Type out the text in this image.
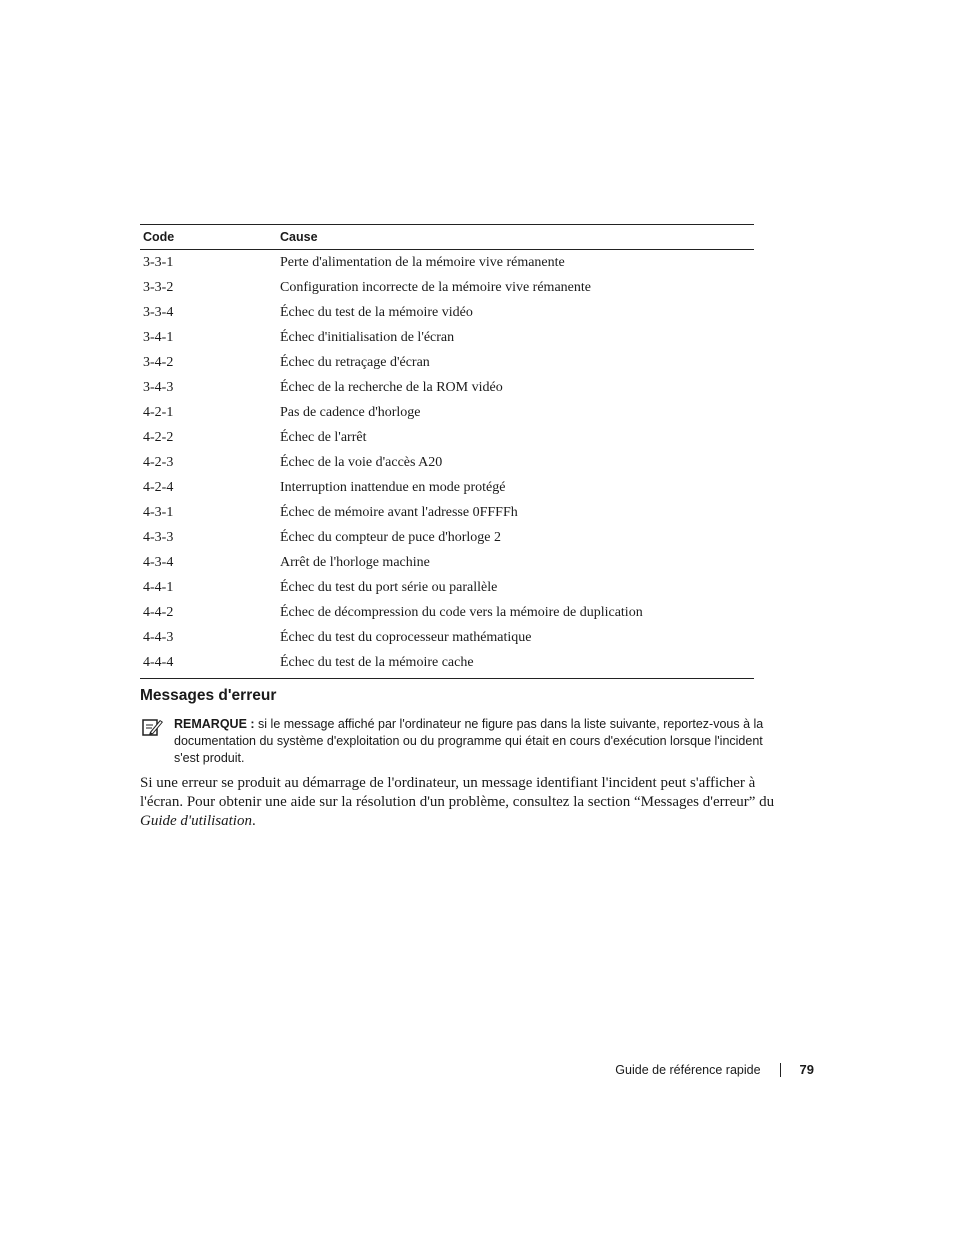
Code	Cause
3-3-1	Perte d'alimentation de la mémoire vive rémanente
3-3-2	Configuration incorrecte de la mémoire vive rémanente
3-3-4	Échec du test de la mémoire vidéo
3-4-1	Échec d'initialisation de l'écran
3-4-2	Échec du retraçage d'écran
3-4-3	Échec de la recherche de la ROM vidéo
4-2-1	Pas de cadence d'horloge
4-2-2	Échec de l'arrêt
4-2-3	Échec de la voie d'accès A20
4-2-4	Interruption inattendue en mode protégé
4-3-1	Échec de mémoire avant l'adresse 0FFFFh
4-3-3	Échec du compteur de puce d'horloge 2
4-3-4	Arrêt de l'horloge machine
4-4-1	Échec du test du port série ou parallèle
4-4-2	Échec de décompression du code vers la mémoire de duplication
4-4-3	Échec du test du coprocesseur mathématique
4-4-4	Échec du test de la mémoire cache
Messages d'erreur
REMARQUE : si le message affiché par l'ordinateur ne figure pas dans la liste suivante, reportez-vous à la documentation du système d'exploitation ou du programme qui était en cours d'exécution lorsque l'incident s'est produit.
Si une erreur se produit au démarrage de l'ordinateur, un message identifiant l'incident peut s'afficher à l'écran. Pour obtenir une aide sur la résolution d'un problème, consultez la section “Messages d'erreur” du Guide d'utilisation.
Guide de référence rapide	79
